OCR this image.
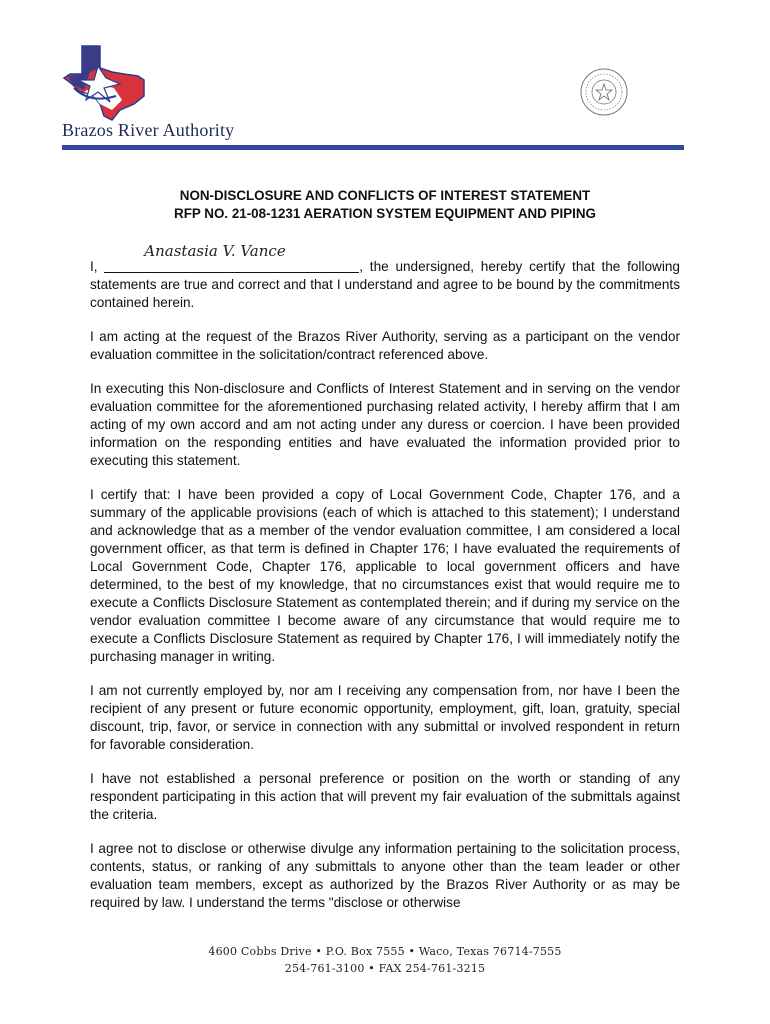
Brazos River Authority
NON-DISCLOSURE AND CONFLICTS OF INTEREST STATEMENT
RFP NO. 21-08-1231 AERATION SYSTEM EQUIPMENT AND PIPING

I,
Anastasia V. Vance
, the undersigned, hereby certify that the following statements are true and correct and that I understand and agree to be bound by the commitments contained herein.

I am acting at the request of the Brazos River Authority, serving as a participant on the vendor evaluation committee in the solicitation/contract referenced above.

In executing this Non-disclosure and Conflicts of Interest Statement and in serving on the vendor evaluation committee for the aforementioned purchasing related activity, I hereby affirm that I am acting of my own accord and am not acting under any duress or coercion. I have been provided information on the responding entities and have evaluated the information provided prior to executing this statement.

I certify that: I have been provided a copy of Local Government Code, Chapter 176, and a summary of the applicable provisions (each of which is attached to this statement); I understand and acknowledge that as a member of the vendor evaluation committee, I am considered a local government officer, as that term is defined in Chapter 176; I have evaluated the requirements of Local Government Code, Chapter 176, applicable to local government officers and have determined, to the best of my knowledge, that no circumstances exist that would require me to execute a Conflicts Disclosure Statement as contemplated therein; and if during my service on the vendor evaluation committee I become aware of any circumstance that would require me to execute a Conflicts Disclosure Statement as required by Chapter 176, I will immediately notify the purchasing manager in writing.

I am not currently employed by, nor am I receiving any compensation from, nor have I been the recipient of any present or future economic opportunity, employment, gift, loan, gratuity, special discount, trip, favor, or service in connection with any submittal or involved respondent in return for favorable consideration.

I have not established a personal preference or position on the worth or standing of any respondent participating in this action that will prevent my fair evaluation of the submittals against the criteria.

I agree not to disclose or otherwise divulge any information pertaining to the solicitation process, contents, status, or ranking of any submittals to anyone other than the team leader or other evaluation team members, except as authorized by the Brazos River Authority or as may be required by law. I understand the terms "disclose or otherwise

4600 Cobbs Drive • P.O. Box 7555 • Waco, Texas 76714-7555
254-761-3100 • FAX 254-761-3215
